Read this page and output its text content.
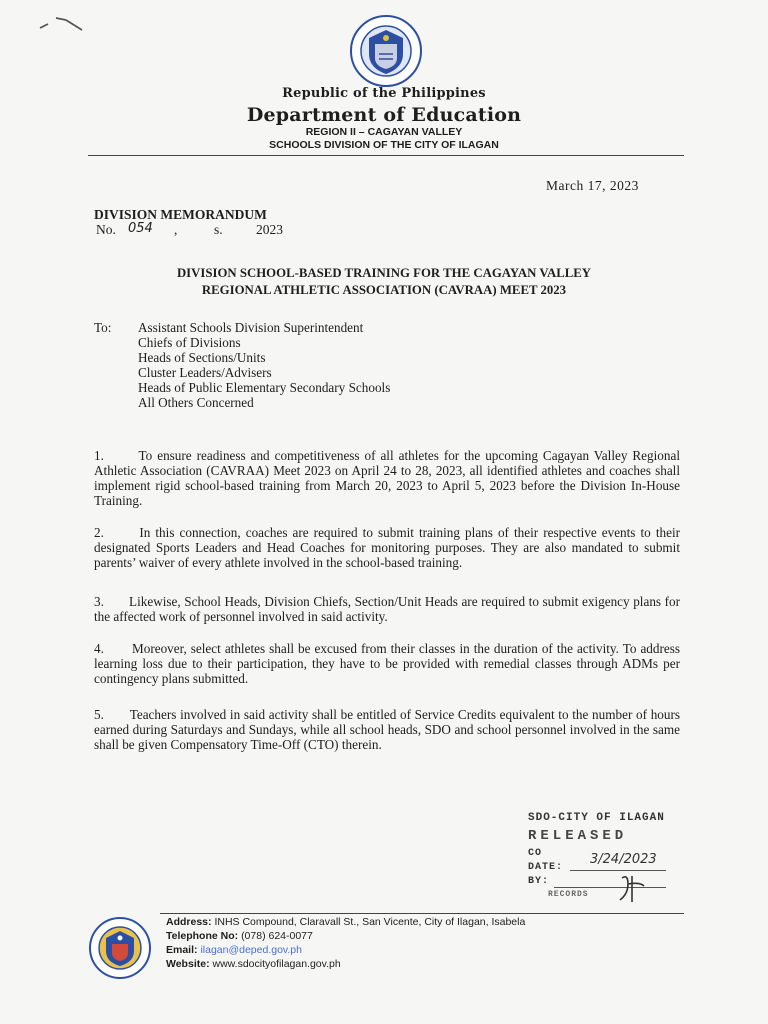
Republic of the Philippines
Department of Education
REGION II – CAGAYAN VALLEY
SCHOOLS DIVISION OF THE CITY OF ILAGAN
March 17, 2023
DIVISION MEMORANDUM
No. 054 ,	s. 2023
DIVISION SCHOOL-BASED TRAINING FOR THE CAGAYAN VALLEY
REGIONAL ATHLETIC ASSOCIATION (CAVRAA) MEET 2023
To: Assistant Schools Division Superintendent
Chiefs of Divisions
Heads of Sections/Units
Cluster Leaders/Advisers
Heads of Public Elementary Secondary Schools
All Others Concerned
1.	To ensure readiness and competitiveness of all athletes for the upcoming Cagayan Valley Regional Athletic Association (CAVRAA) Meet 2023 on April 24 to 28, 2023, all identified athletes and coaches shall implement rigid school-based training from March 20, 2023 to April 5, 2023 before the Division In-House Training.
2.	In this connection, coaches are required to submit training plans of their respective events to their designated Sports Leaders and Head Coaches for monitoring purposes. They are also mandated to submit parents’ waiver of every athlete involved in the school-based training.
3. Likewise, School Heads, Division Chiefs, Section/Unit Heads are required to submit exigency plans for the affected work of personnel involved in said activity.
4. Moreover, select athletes shall be excused from their classes in the duration of the activity. To address learning loss due to their participation, they have to be provided with remedial classes through ADMs per contingency plans submitted.
5. Teachers involved in said activity shall be entitled of Service Credits equivalent to the number of hours earned during Saturdays and Sundays, while all school heads, SDO and school personnel involved in the same shall be given Compensatory Time-Off (CTO) therein.
SDO-CITY OF ILAGAN
RELEASED
CO
DATE:
3/24/2023
BY:
RECORDS
Address: INHS Compound, Claravall St., San Vicente, City of Ilagan, Isabela
Telephone No: (078) 624-0077
Email: ilagan@deped.gov.ph
Website: www.sdocityofilagan.gov.ph
